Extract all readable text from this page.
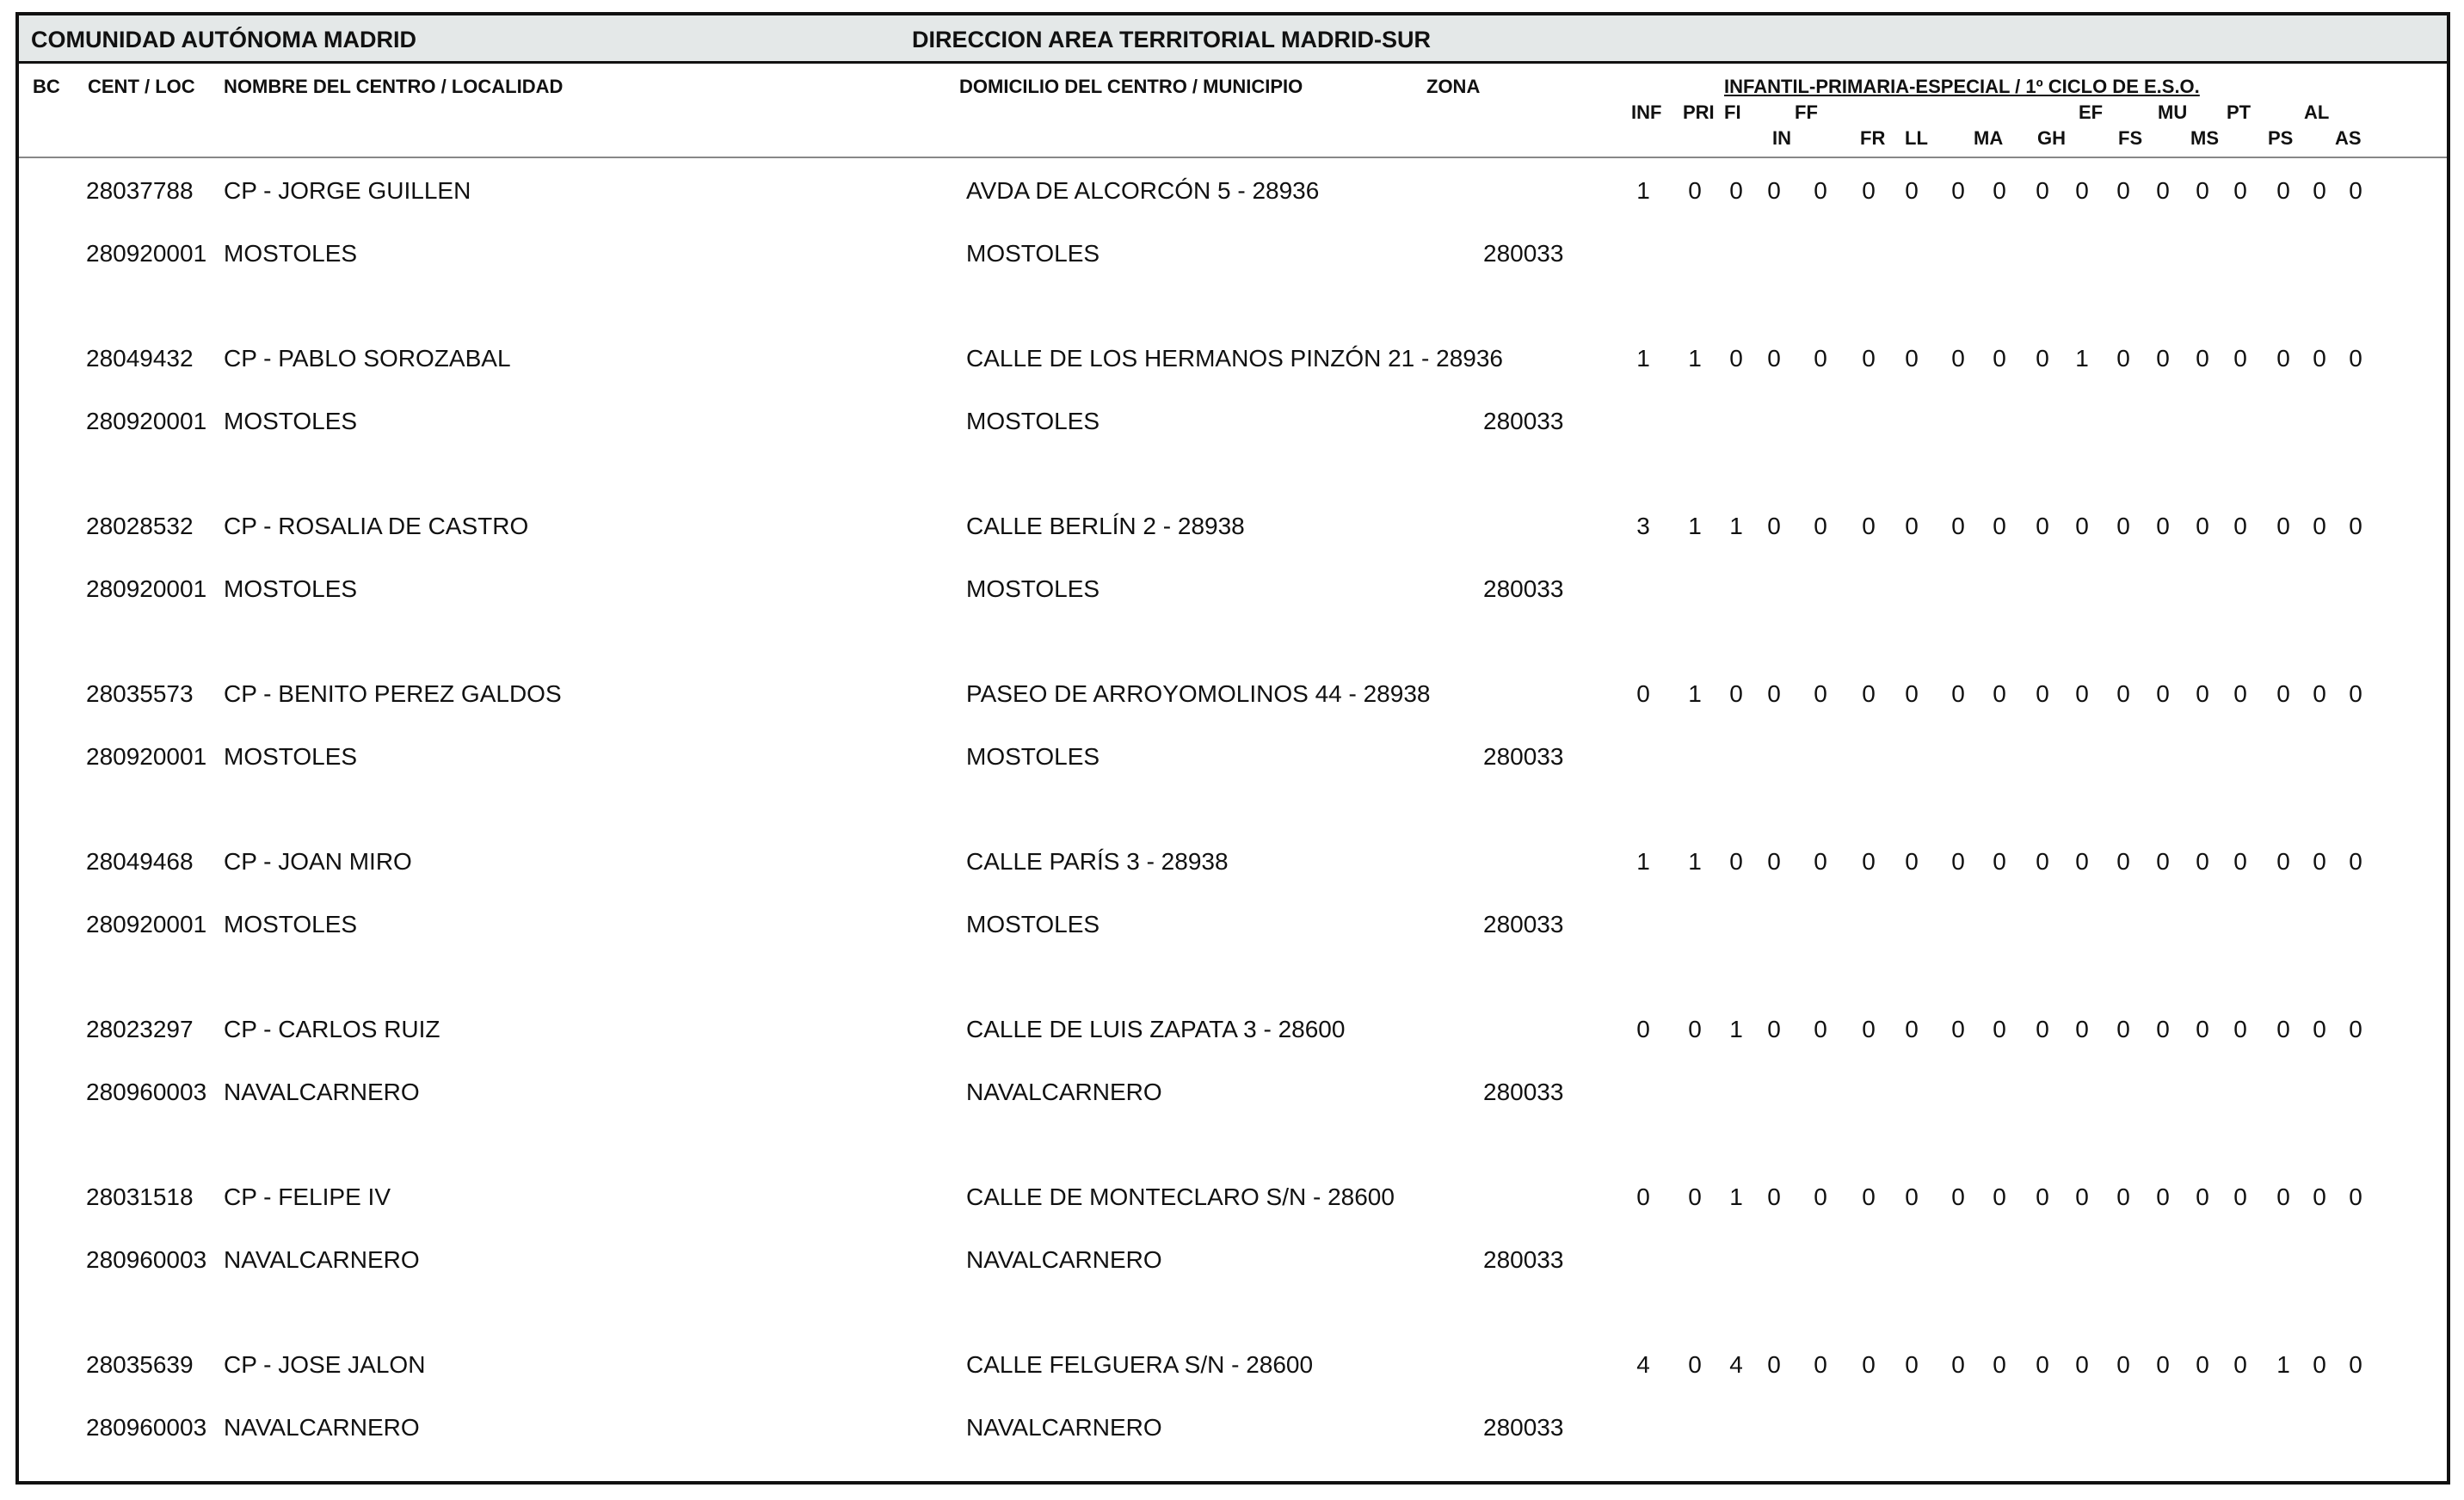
COMUNIDAD AUTÓNOMA MADRID	DIRECCION AREA TERRITORIAL MADRID-SUR
BC CENT / LOC NOMBRE DEL CENTRO / LOCALIDAD	DOMICILIO DEL CENTRO / MUNICIPIO	ZONA	INFANTIL-PRIMARIA-ESPECIAL / 1º CICLO DE E.S.O.
INF PRI FI	FF	EF	MU PT	AL
IN	FR LL MA GH	FS	MS	PS AS
28037788 CP - JORGE GUILLEN	AVDA DE ALCORCÓN 5 - 28936
280920001 MOSTOLES	MOSTOLES	280033
1 0 0 0 0 0 0 0 0 0 0 0 0 0 0 0 0 0
28049432 CP - PABLO SOROZABAL	CALLE DE LOS HERMANOS PINZÓN 21 - 28936
280920001 MOSTOLES	MOSTOLES	280033
1 1 0 0 0 0 0 0 0 0 1 0 0 0 0 0 0 0
28028532 CP - ROSALIA DE CASTRO	CALLE BERLÍN 2 - 28938
280920001 MOSTOLES	MOSTOLES	280033
3 1 1 0 0 0 0 0 0 0 0 0 0 0 0 0 0 0
28035573 CP - BENITO PEREZ GALDOS	PASEO DE ARROYOMOLINOS 44 - 28938
280920001 MOSTOLES	MOSTOLES	280033
0 1 0 0 0 0 0 0 0 0 0 0 0 0 0 0 0 0
28049468 CP - JOAN MIRO	CALLE PARÍS 3 - 28938
280920001 MOSTOLES	MOSTOLES	280033
1 1 0 0 0 0 0 0 0 0 0 0 0 0 0 0 0 0
28023297 CP - CARLOS RUIZ	CALLE DE LUIS ZAPATA 3 - 28600
280960003 NAVALCARNERO	NAVALCARNERO	280033
0 0 1 0 0 0 0 0 0 0 0 0 0 0 0 0 0 0
28031518 CP - FELIPE IV	CALLE DE MONTECLARO S/N - 28600
280960003 NAVALCARNERO	NAVALCARNERO	280033
0 0 1 0 0 0 0 0 0 0 0 0 0 0 0 0 0 0
28035639 CP - JOSE JALON	CALLE FELGUERA S/N - 28600
280960003 NAVALCARNERO	NAVALCARNERO	280033
4 0 4 0 0 0 0 0 0 0 0 0 0 0 0 1 0 0
